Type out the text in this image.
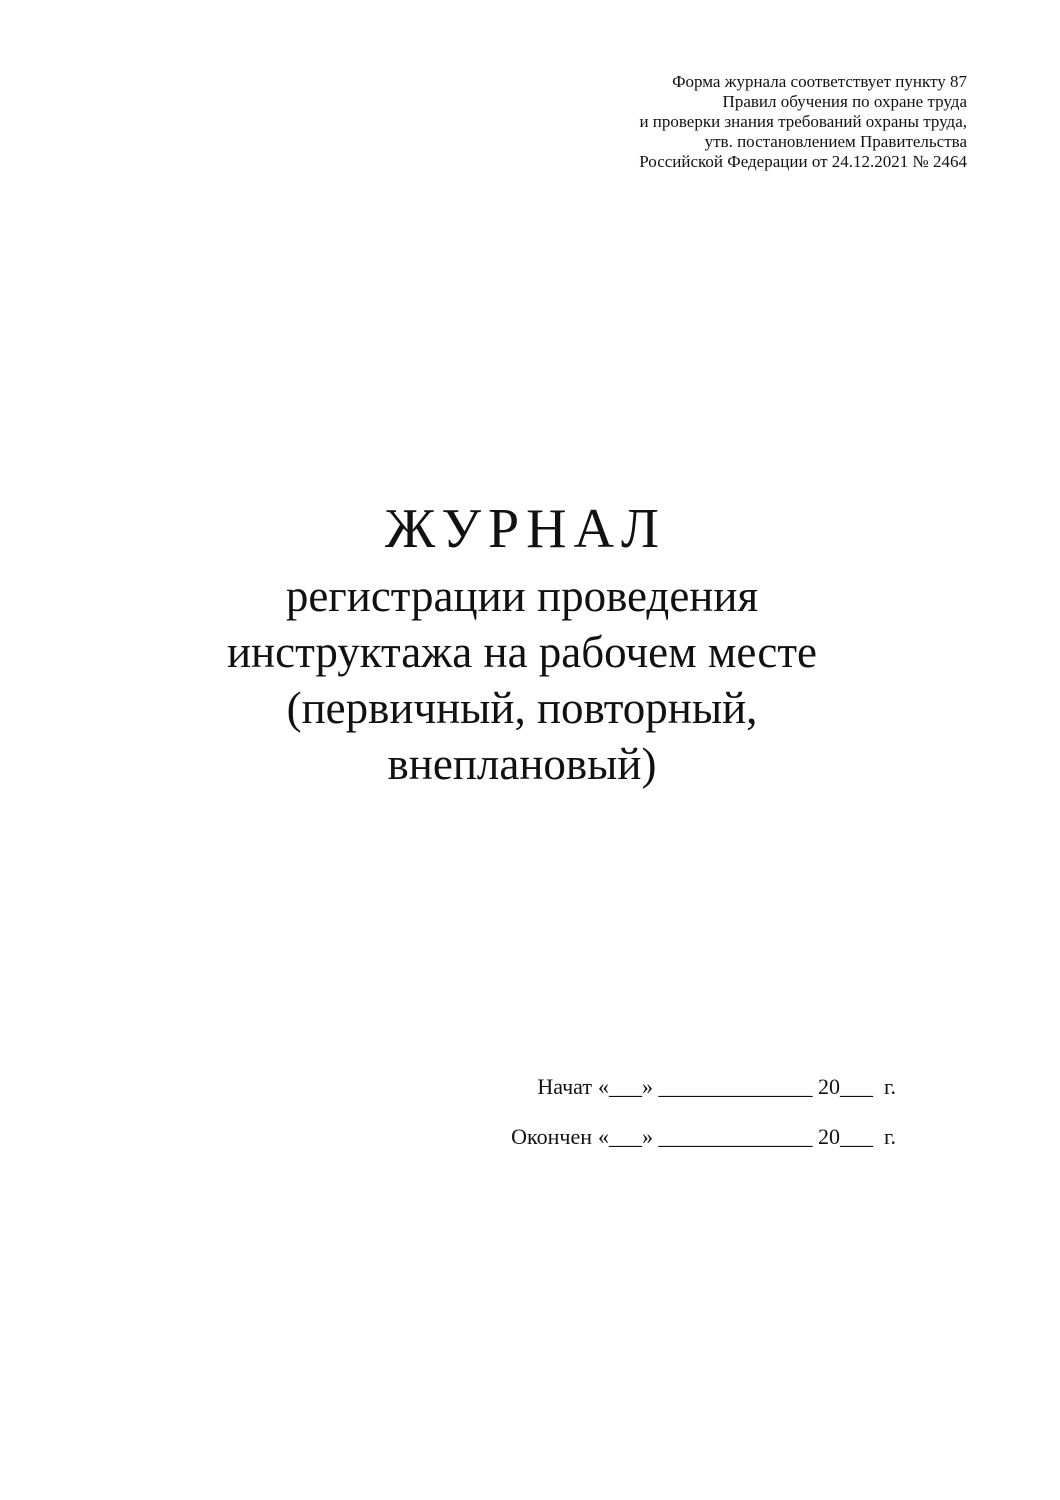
Форма журнала соответствует пункту 87
Правил обучения по охране труда
и проверки знания требований охраны труда,
утв. постановлением Правительства
Российской Федерации от 24.12.2021 № 2464
ЖУРНАЛ
регистрации проведения
инструктажа на рабочем месте
(первичный, повторный,
внеплановый)
Начат «___» ______________ 20___  г.
Окончен «___» ______________ 20___  г.
